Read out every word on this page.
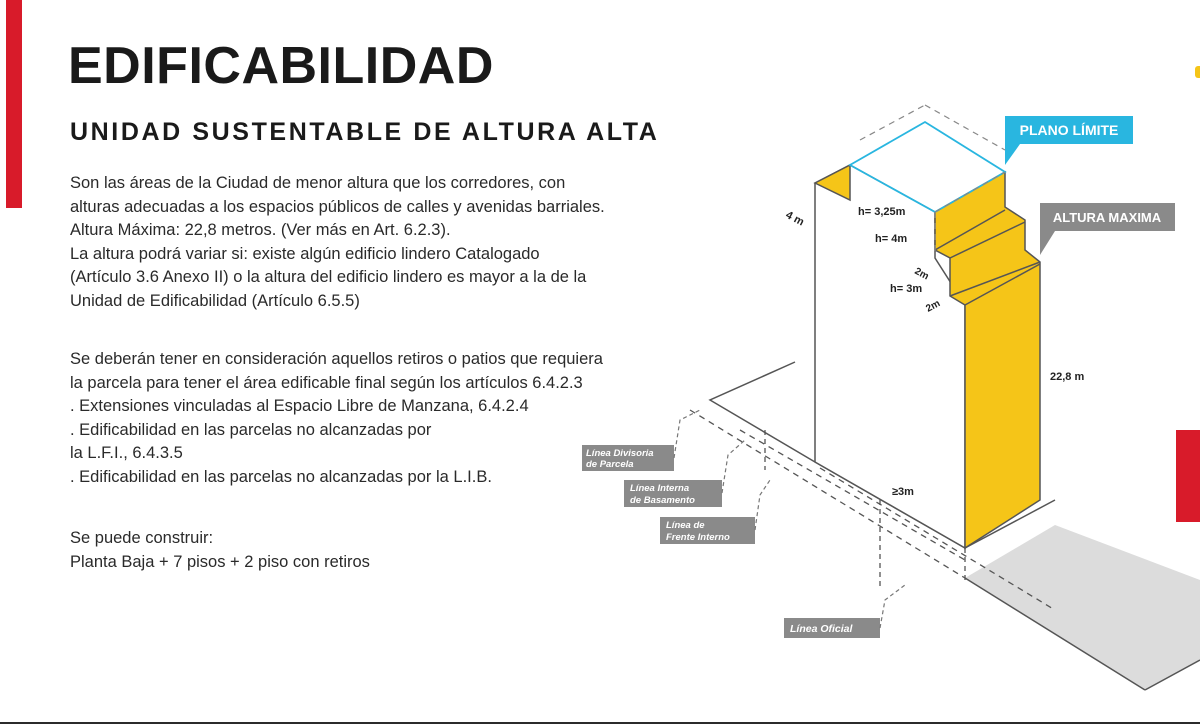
EDIFICABILIDAD
UNIDAD SUSTENTABLE DE ALTURA ALTA

Son las áreas de la Ciudad de menor altura que los corredores, con

alturas adecuadas a los espacios públicos de calles y avenidas barriales.

Altura Máxima: 22,8 metros. (Ver más en Art. 6.2.3).

La altura podrá variar si: existe algún edificio lindero Catalogado

(Artículo 3.6 Anexo II) o la altura del edificio lindero es mayor a la de la

Unidad de Edificabilidad (Artículo 6.5.5)

Se deberán tener en consideración aquellos retiros o patios que requiera

la parcela para tener el área edificable final según los artículos 6.4.2.3

. Extensiones vinculadas al Espacio Libre de Manzana, 6.4.2.4

. Edificabilidad en las parcelas no alcanzadas por

la L.F.I., 6.4.3.5

. Edificabilidad en las parcelas no alcanzadas por la L.I.B.

Se puede construir:

Planta Baja + 7 pisos + 2 piso con retiros

h= 3,25m
h= 4m
h= 3m
2m
2m
4 m
22,8 m
≥3m
PLANO LÍMITE
ALTURA MAXIMA
Línea Divisoria
de Parcela
Línea Interna
de Basamento
Línea de
Frente Interno
Línea Oficial
